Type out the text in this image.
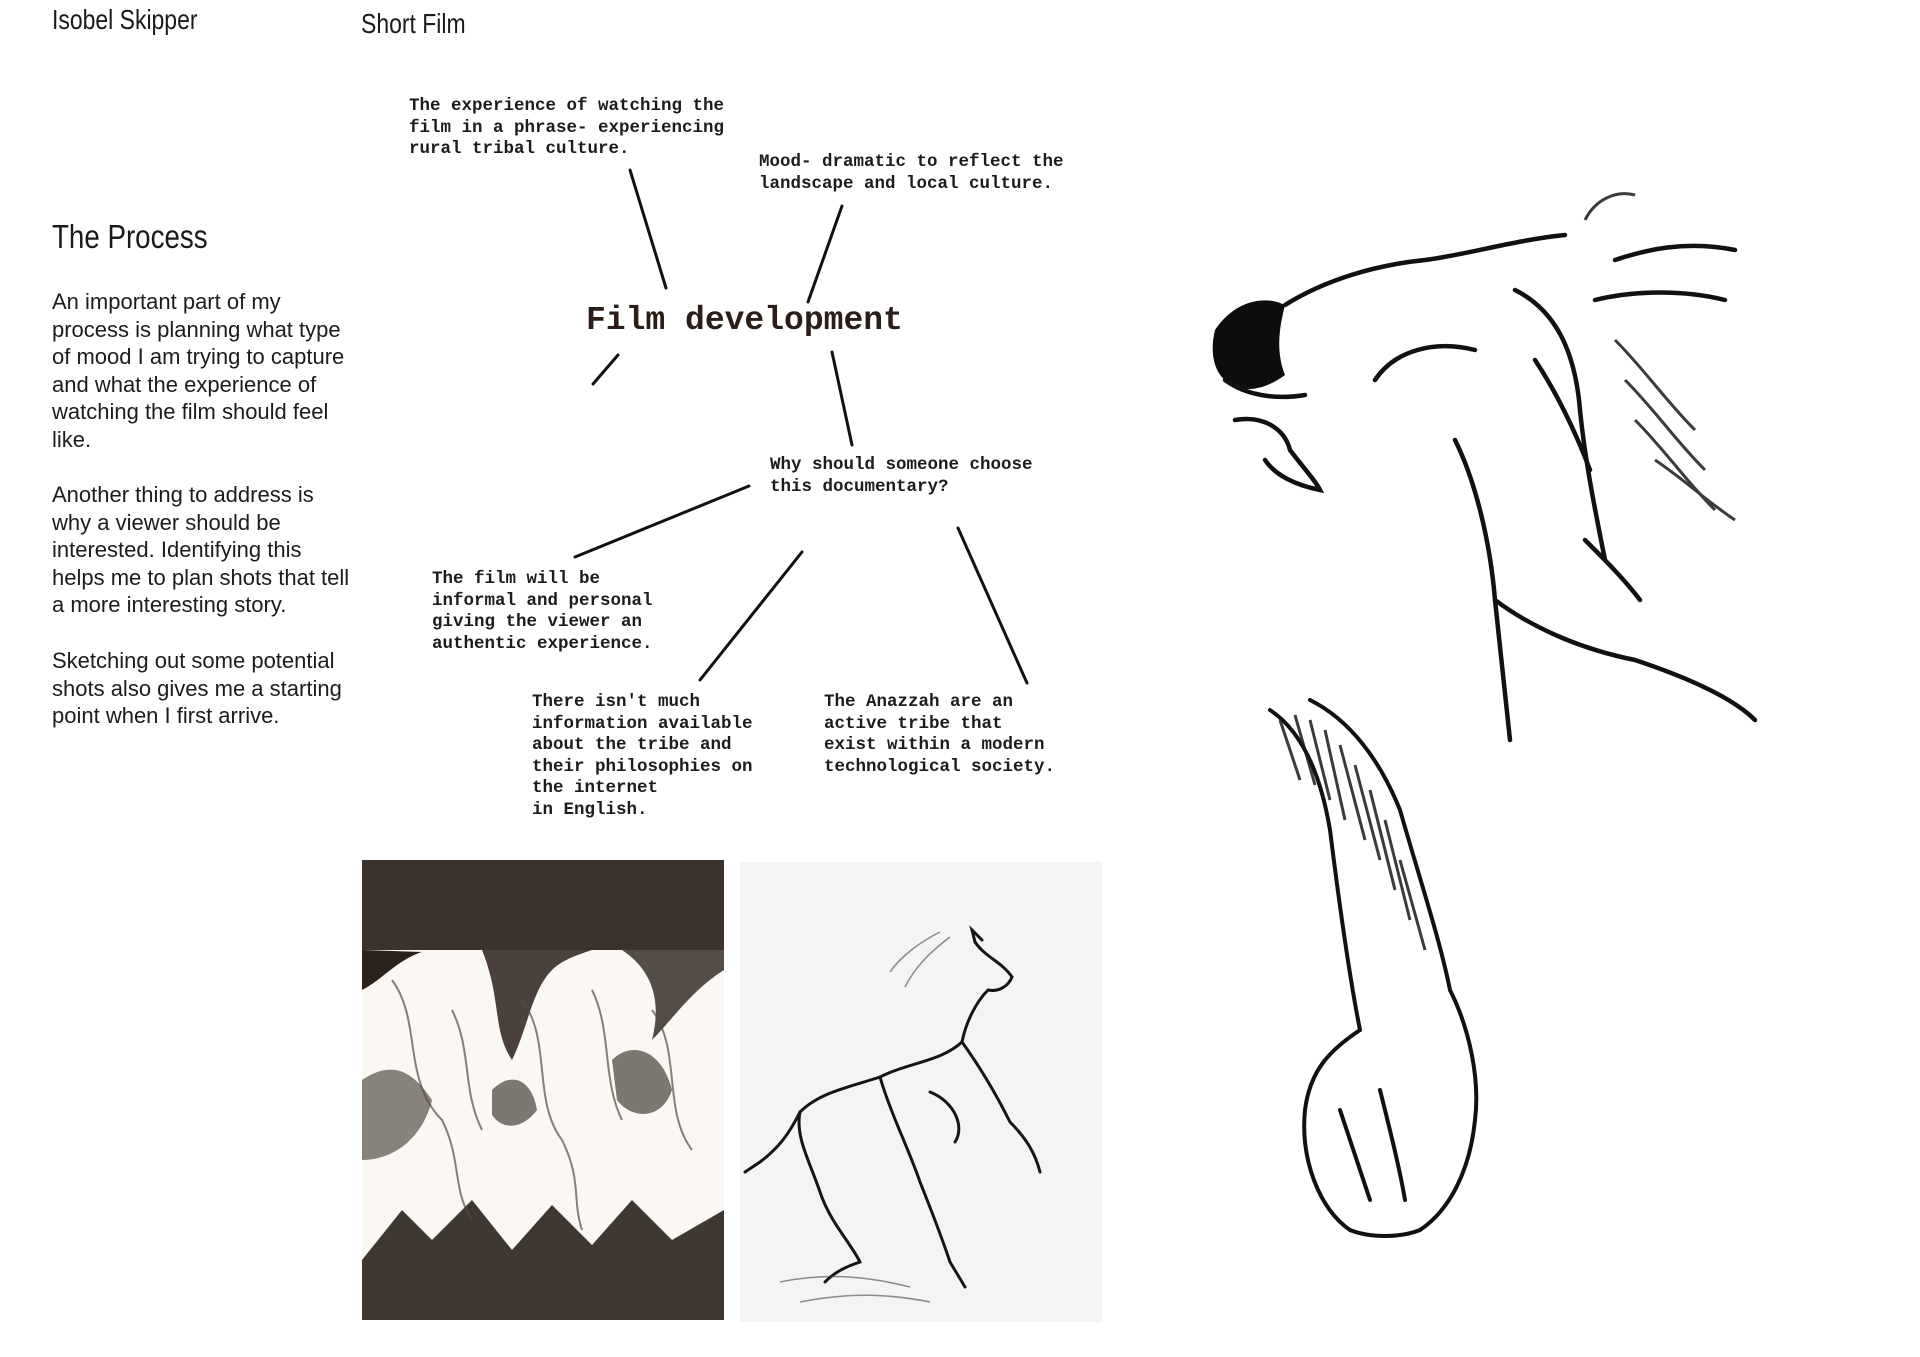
Isobel Skipper	Short Film
The Process

An important part of my process is planning what type of mood I am trying to capture and what the experience of watching the film should feel like.

Another thing to address is why a viewer should be interested. Identifying this helps me to plan shots that tell a more interesting story.

Sketching out some potential shots also gives me a starting point when I first arrive.

Film development

The experience of watching the
film in a phrase- experiencing
rural tribal culture.

Mood- dramatic to reflect the
landscape and local culture.

Why should someone choose
this documentary?

The film will be
informal and personal
giving the viewer an
authentic experience.

There isn't much
information available
about the tribe and
their philosophies on
the internet
in English.

The Anazzah are an
active tribe that
exist within a modern
technological society.
